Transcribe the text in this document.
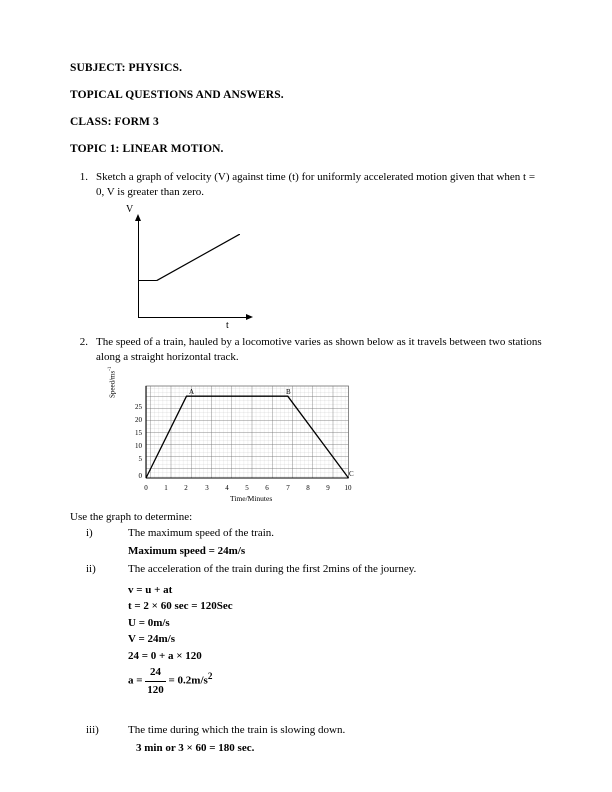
SUBJECT: PHYSICS.
TOPICAL QUESTIONS AND ANSWERS.
CLASS: FORM 3
TOPIC 1: LINEAR MOTION.
1. Sketch a graph of velocity (V) against time (t) for uniformly accelerated motion given that when t = 0, V is greater than zero.
V
t
2. The speed of a train, hauled by a locomotive varies as shown below as it travels between two stations along a straight horizontal track.
Speed/$ms^{-1}$
25
20
15
10
5
0
A	B
C
0	1	2	3	4	5	6	7	8	9	10
Time/Minutes
Use the graph to determine:
i)	The maximum speed of the train.
Maximum speed = 24m/s
ii)	The acceleration of the train during the first 2mins of the journey.
v = u + at
t = 2 × 60 sec = 120Sec
U = 0m/s
V = 24m/s
24 = 0 + a × 120
$a = \frac{24}{120} = 0.2m/s^2$
iii)	The time during which the train is slowing down.
3 min or 3 × 60 = 180 sec.
